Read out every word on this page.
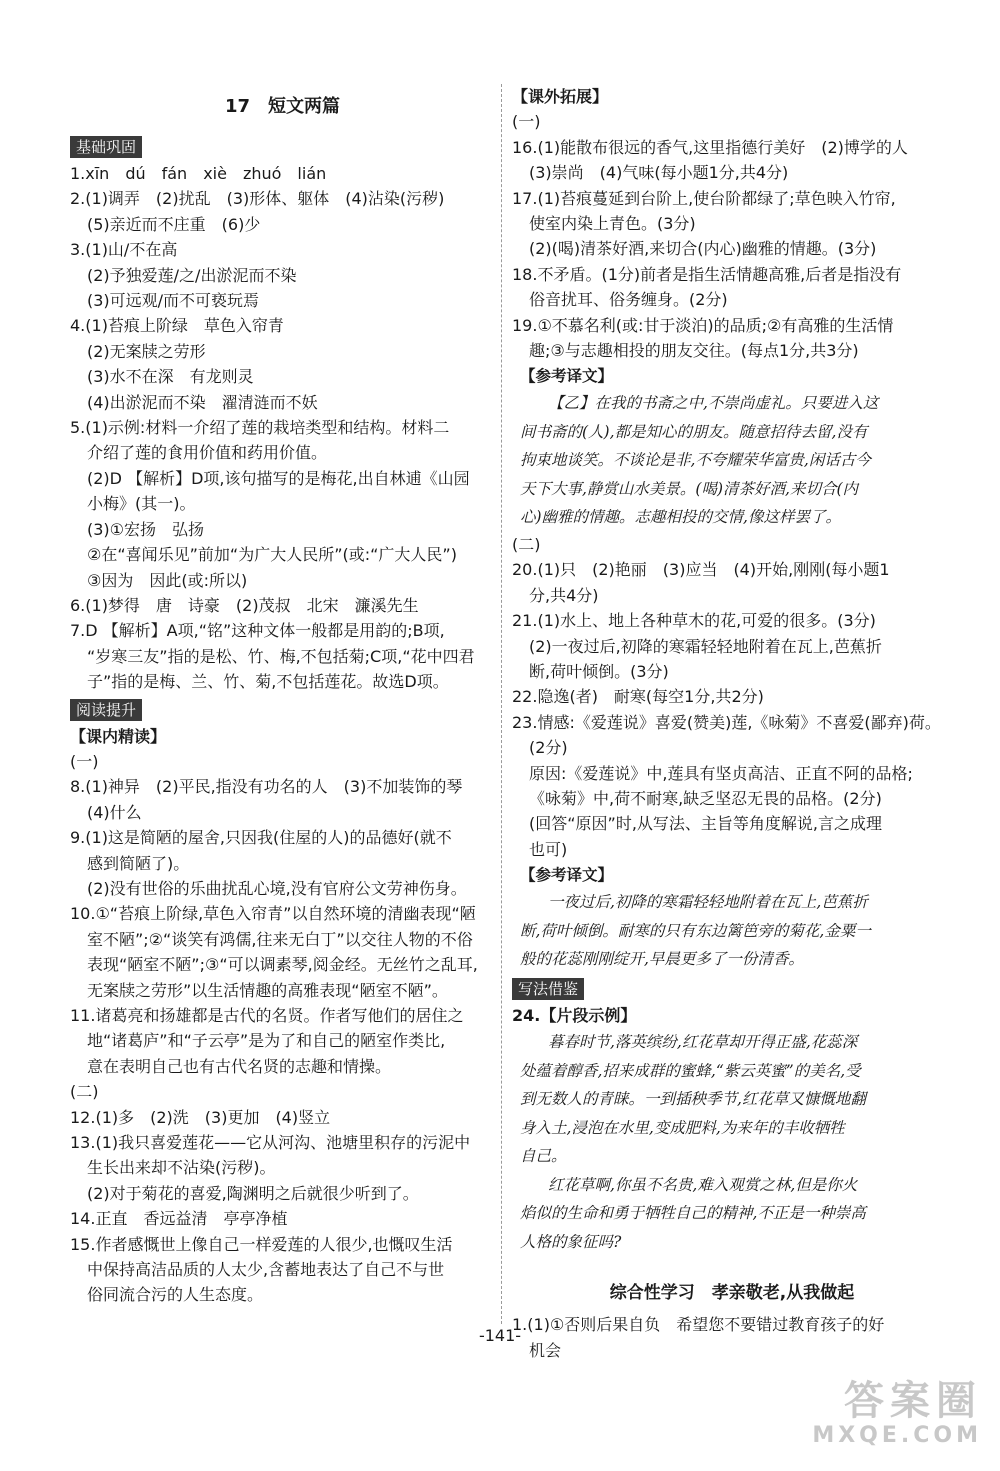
17　短文两篇
基础巩固
1.xīn　dú　fán　xiè　zhuó　lián
2.(1)调弄　(2)扰乱　(3)形体、躯体　(4)沾染(污秽)
(5)亲近而不庄重　(6)少
3.(1)山/不在高
(2)予独爱莲/之/出淤泥而不染
(3)可远观/而不可亵玩焉
4.(1)苔痕上阶绿　草色入帘青
(2)无案牍之劳形
(3)水不在深　有龙则灵
(4)出淤泥而不染　濯清涟而不妖
5.(1)示例:材料一介绍了莲的栽培类型和结构。材料二
介绍了莲的食用价值和药用价值。
(2)D 【解析】D项,该句描写的是梅花,出自林逋《山园
小梅》(其一)。
(3)①宏扬　弘扬
②在“喜闻乐见”前加“为广大人民所”(或:“广大人民”)
③因为　因此(或:所以)
6.(1)梦得　唐　诗豪　(2)茂叔　北宋　濂溪先生
7.D 【解析】A项,“铭”这种文体一般都是用韵的;B项,
“岁寒三友”指的是松、竹、梅,不包括菊;C项,“花中四君
子”指的是梅、兰、竹、菊,不包括莲花。故选D项。
阅读提升
【课内精读】
(一)
8.(1)神异　(2)平民,指没有功名的人　(3)不加装饰的琴
(4)什么
9.(1)这是简陋的屋舍,只因我(住屋的人)的品德好(就不
感到简陋了)。
(2)没有世俗的乐曲扰乱心境,没有官府公文劳神伤身。
10.①“苔痕上阶绿,草色入帘青”以自然环境的清幽表现“陋
室不陋”;②“谈笑有鸿儒,往来无白丁”以交往人物的不俗
表现“陋室不陋”;③“可以调素琴,阅金经。无丝竹之乱耳,
无案牍之劳形”以生活情趣的高雅表现“陋室不陋”。
11.诸葛亮和扬雄都是古代的名贤。作者写他们的居住之
地“诸葛庐”和“子云亭”是为了和自己的陋室作类比,
意在表明自己也有古代名贤的志趣和情操。
(二)
12.(1)多　(2)洗　(3)更加　(4)竖立
13.(1)我只喜爱莲花——它从河沟、池塘里积存的污泥中
生长出来却不沾染(污秽)。
(2)对于菊花的喜爱,陶渊明之后就很少听到了。
14.正直　香远益清　亭亭净植
15.作者感慨世上像自己一样爱莲的人很少,也慨叹生活
中保持高洁品质的人太少,含蓄地表达了自己不与世
俗同流合污的人生态度。
【课外拓展】
(一)
16.(1)能散布很远的香气,这里指德行美好　(2)博学的人
(3)崇尚　(4)气味(每小题1分,共4分)
17.(1)苔痕蔓延到台阶上,使台阶都绿了;草色映入竹帘,
使室内染上青色。(3分)
(2)(喝)清茶好酒,来切合(内心)幽雅的情趣。(3分)
18.不矛盾。(1分)前者是指生活情趣高雅,后者是指没有
俗音扰耳、俗务缠身。(2分)
19.①不慕名利(或:甘于淡泊)的品质;②有高雅的生活情
趣;③与志趣相投的朋友交往。(每点1分,共3分)
【参考译文】
【乙】在我的书斋之中,不崇尚虚礼。只要进入这
间书斋的(人),都是知心的朋友。随意招待去留,没有
拘束地谈笑。不谈论是非,不夸耀荣华富贵,闲话古今
天下大事,静赏山水美景。(喝)清茶好酒,来切合(内
心)幽雅的情趣。志趣相投的交情,像这样罢了。
(二)
20.(1)只　(2)艳丽　(3)应当　(4)开始,刚刚(每小题1
分,共4分)
21.(1)水上、地上各种草木的花,可爱的很多。(3分)
(2)一夜过后,初降的寒霜轻轻地附着在瓦上,芭蕉折
断,荷叶倾倒。(3分)
22.隐逸(者)　耐寒(每空1分,共2分)
23.情感:《爱莲说》喜爱(赞美)莲,《咏菊》不喜爱(鄙弃)荷。
(2分)
原因:《爱莲说》中,莲具有坚贞高洁、正直不阿的品格;
《咏菊》中,荷不耐寒,缺乏坚忍无畏的品格。(2分)
(回答“原因”时,从写法、主旨等角度解说,言之成理
也可)
【参考译文】
一夜过后,初降的寒霜轻轻地附着在瓦上,芭蕉折
断,荷叶倾倒。耐寒的只有东边篱笆旁的菊花,金粟一
般的花蕊刚刚绽开,早晨更多了一份清香。
写法借鉴
24.【片段示例】
暮春时节,落英缤纷,红花草却开得正盛,花蕊深
处蕴着醇香,招来成群的蜜蜂,“紫云英蜜”的美名,受
到无数人的青睐。一到插秧季节,红花草又慷慨地翻
身入土,浸泡在水里,变成肥料,为来年的丰收牺牲
自己。
红花草啊,你虽不名贵,难入观赏之林,但是你火
焰似的生命和勇于牺牲自己的精神,不正是一种崇高
人格的象征吗?
综合性学习　孝亲敬老,从我做起
1.(1)①否则后果自负　希望您不要错过教育孩子的好
机会
-141-
答案圈
MXQE.COM
